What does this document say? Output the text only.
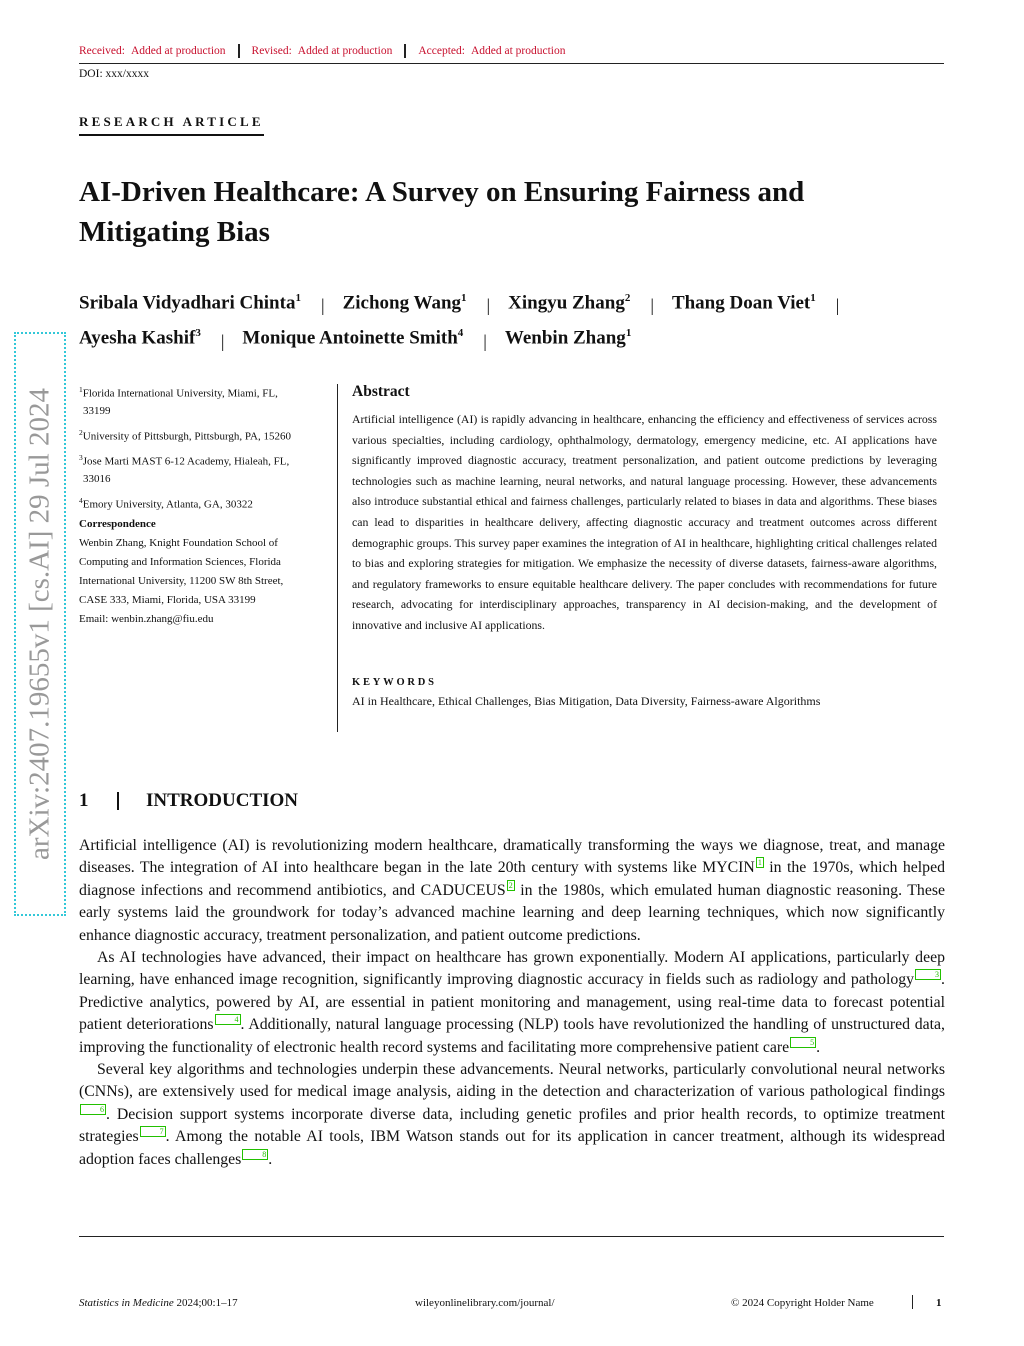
Received: Added at production	Revised: Added at production	Accepted: Added at production
DOI: xxx/xxxx
RESEARCH ARTICLE
AI-Driven Healthcare: A Survey on Ensuring Fairness and
Mitigating Bias
Sribala Vidyadhari Chinta$^1$ | Zichong Wang$^1$ | Xingyu Zhang$^2$ | Thang Doan Viet$^1$ |
Ayesha Kashif$^3$ | Monique Antoinette Smith$^4$ | Wenbin Zhang$^1$
$^1$Florida International University, Miami, FL,
33199
$^2$University of Pittsburgh, Pittsburgh, PA, 15260
$^3$Jose Marti MAST 6-12 Academy, Hialeah, FL,
33016
$^4$Emory University, Atlanta, GA, 30322
Correspondence
Wenbin Zhang, Knight Foundation School of
Computing and Information Sciences, Florida
International University, 11200 SW 8th Street,
CASE 333, Miami, Florida, USA 33199
Email: wenbin.zhang@fiu.edu
Abstract
Artificial intelligence (AI) is rapidly advancing in healthcare, enhancing the efficiency and effectiveness of services across various specialties, including cardiology, ophthalmology, dermatology, emergency medicine, etc. AI applications have significantly improved diagnostic accuracy, treatment personalization, and patient outcome predictions by leveraging technologies such as machine learning, neural networks, and natural language processing. However, these advancements also introduce substantial ethical and fairness challenges, particularly related to biases in data and algorithms. These biases can lead to disparities in healthcare delivery, affecting diagnostic accuracy and treatment outcomes across different demographic groups. This survey paper examines the integration of AI in healthcare, highlighting critical challenges related to bias and exploring strategies for mitigation. We emphasize the necessity of diverse datasets, fairness-aware algorithms, and regulatory frameworks to ensure equitable healthcare delivery. The paper concludes with recommendations for future research, advocating for interdisciplinary approaches, transparency in AI decision-making, and the development of innovative and inclusive AI applications.
KEYWORDS
AI in Healthcare, Ethical Challenges, Bias Mitigation, Data Diversity, Fairness-aware Algorithms
arXiv:2407.19655v1 [cs.AI] 29 Jul 2024 1	INTRODUCTION

Artificial intelligence (AI) is revolutionizing modern healthcare, dramatically transforming the ways we diagnose, treat, and manage diseases. The integration of AI into healthcare began in the late 20th century with systems like MYCIN 1 in the 1970s, which helped diagnose infections and recommend antibiotics, and CADUCEUS 2 in the 1980s, which emulated human diagnostic reasoning. These early systems laid the groundwork for today’s advanced machine learning and deep learning techniques, which now significantly enhance diagnostic accuracy, treatment personalization, and patient outcome predictions.

As AI technologies have advanced, their impact on healthcare has grown exponentially. Modern AI applications, particularly deep learning, have enhanced image recognition, significantly improving diagnostic accuracy in fields such as radiology and pathology	3 . Predictive analytics, powered by AI, are essential in patient monitoring and management, using real-time data to forecast potential patient deteriorations	4 . Additionally, natural language processing (NLP) tools have revolutionized the handling of unstructured data, improving the functionality of electronic health record systems and facilitating more comprehensive patient care	5 .

Several key algorithms and technologies underpin these advancements. Neural networks, particularly convolutional neural networks (CNNs), are extensively used for medical image analysis, aiding in the detection and characterization of various pathological findings6 . Decision support systems incorporate diverse data, including genetic profiles and prior health records, to optimize treatment strategies	7 . Among the notable AI tools, IBM Watson stands out for its application in cancer treatment, although its widespread adoption faces challenges	8 .

Statistics in Medicine 2024;00:1–17	wileyonlinelibrary.com/journal/	© 2024 Copyright Holder Name	1
